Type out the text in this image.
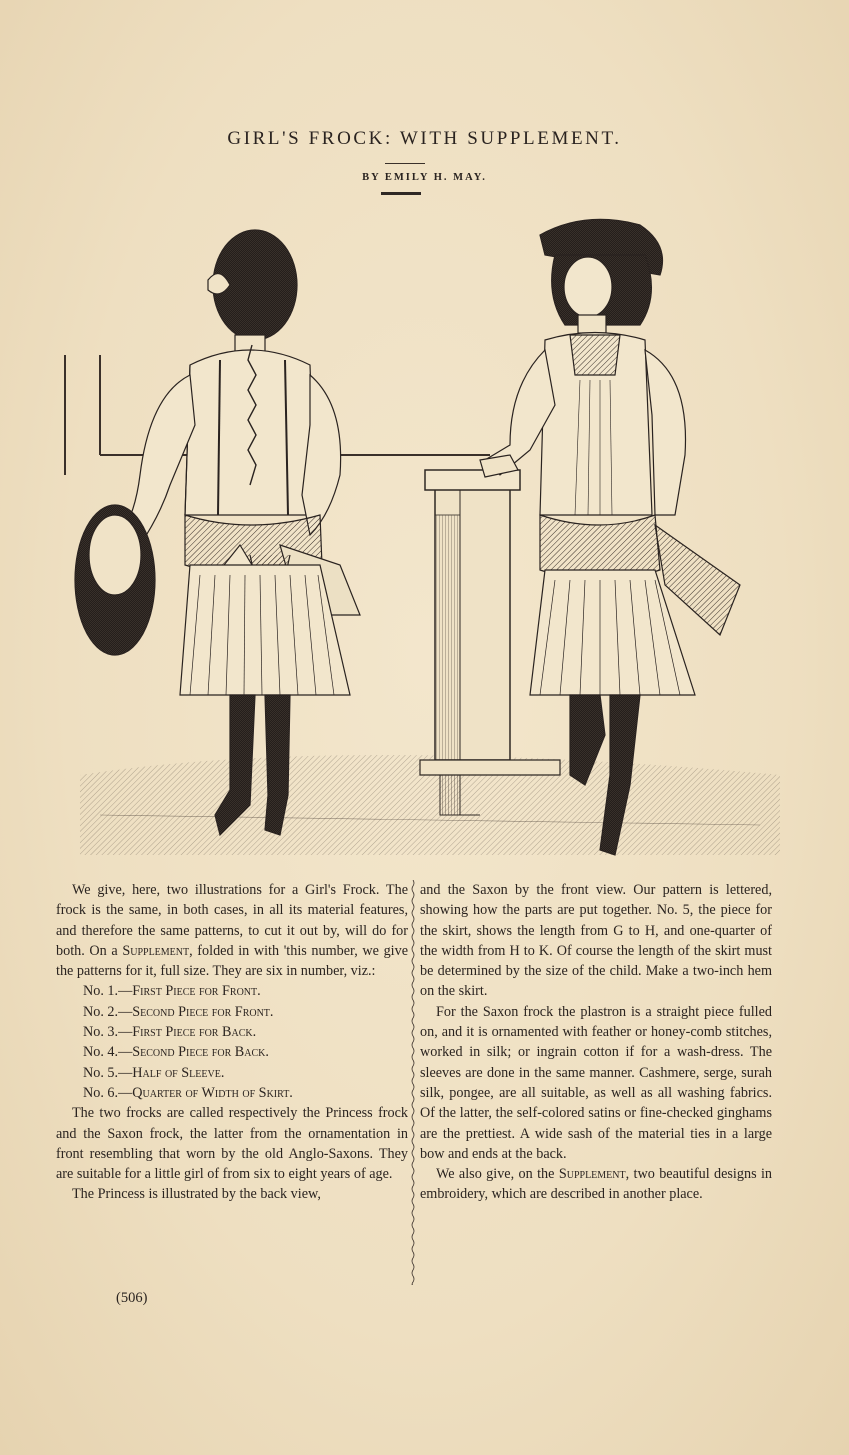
GIRL'S FROCK: WITH SUPPLEMENT.
BY EMILY H. MAY.

We give, here, two illustrations for a Girl's Frock. The frock is the same, in both cases, in all its material features, and therefore the same patterns, to cut it out by, will do for both. On a Supplement, folded in with 'this number, we give the patterns for it, full size. They are six in number, viz.:

No. 1.—First Piece for Front.
No. 2.—Second Piece for Front.
No. 3.—First Piece for Back.
No. 4.—Second Piece for Back.
No. 5.—Half of Sleeve.
No. 6.—Quarter of Width of Skirt.

The two frocks are called respectively the Princess frock and the Saxon frock, the latter from the ornamentation in front resembling that worn by the old Anglo-Saxons. They are suitable for a little girl of from six to eight years of age.

The Princess is illustrated by the back view,

and the Saxon by the front view. Our pattern is lettered, showing how the parts are put together. No. 5, the piece for the skirt, shows the length from G to H, and one-quarter of the width from H to K. Of course the length of the skirt must be determined by the size of the child. Make a two-inch hem on the skirt.

For the Saxon frock the plastron is a straight piece fulled on, and it is ornamented with feather or honey-comb stitches, worked in silk; or ingrain cotton if for a wash-dress. The sleeves are done in the same manner. Cashmere, serge, surah silk, pongee, are all suitable, as well as all washing fabrics. Of the latter, the self-colored satins or fine-checked ginghams are the prettiest. A wide sash of the material ties in a large bow and ends at the back.

We also give, on the Supplement, two beautiful designs in embroidery, which are described in another place.

(506)
